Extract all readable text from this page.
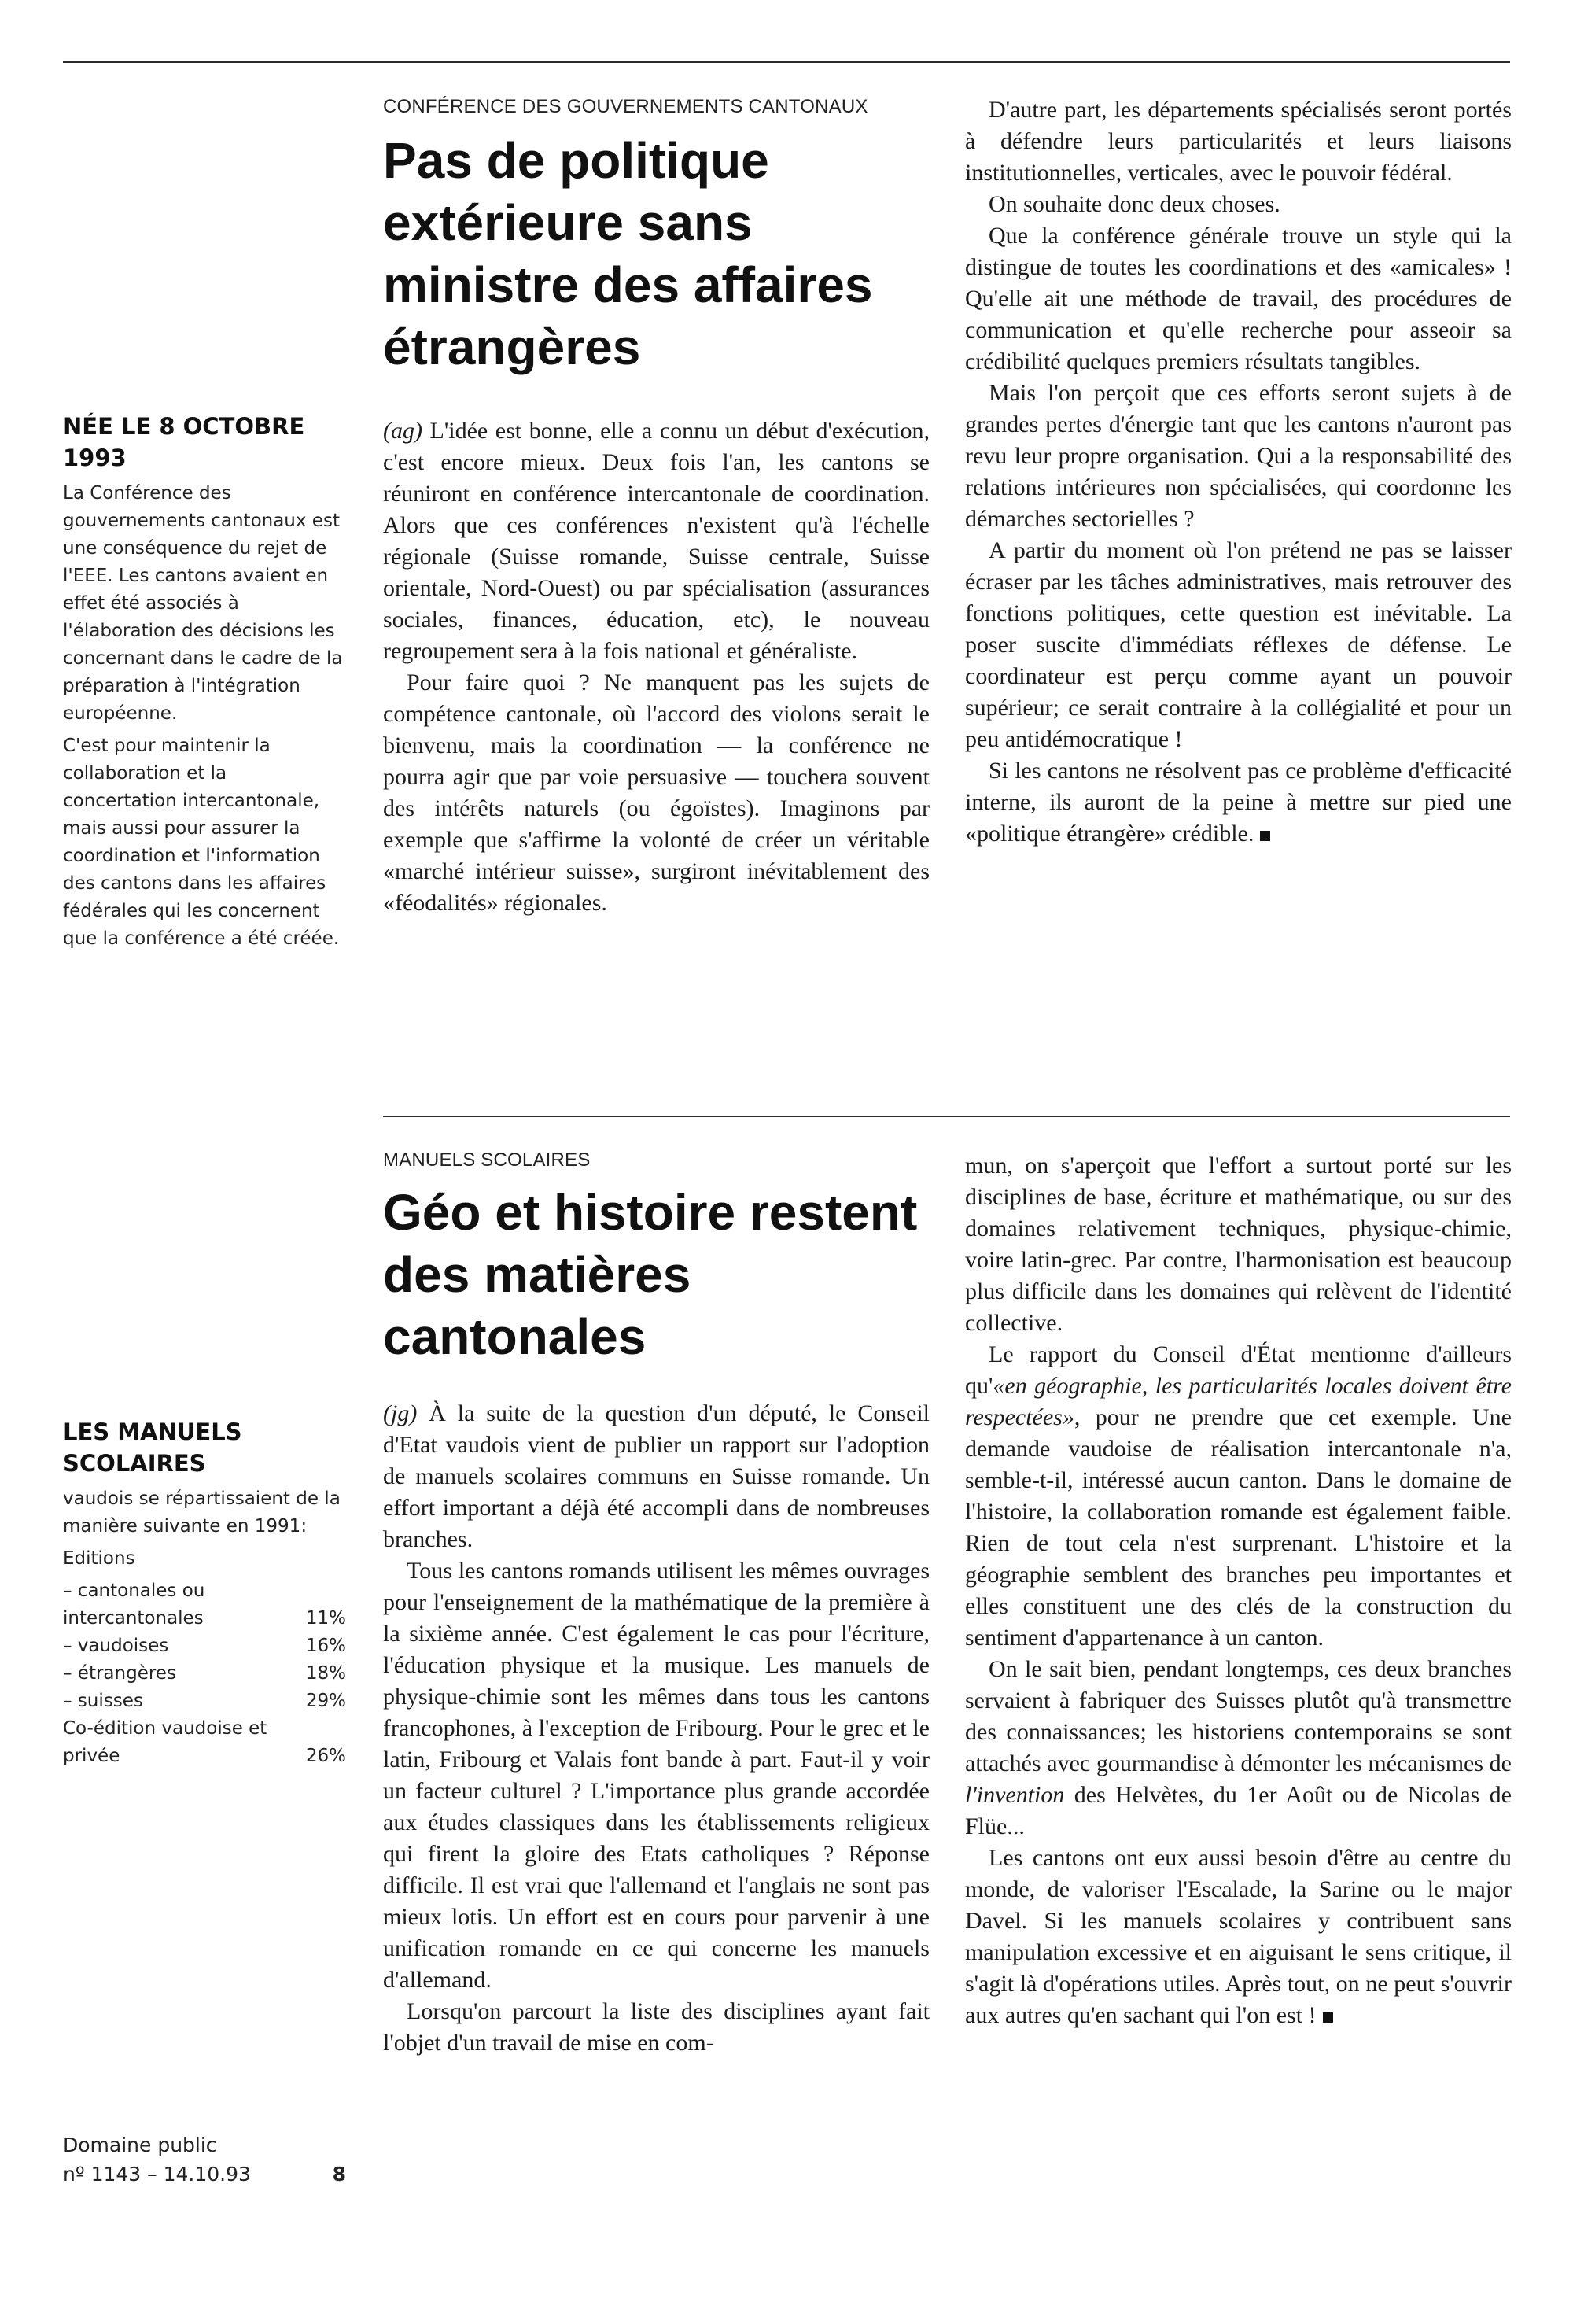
CONFÉRENCE DES GOUVERNEMENTS CANTONAUX
Pas de politique extérieure sans ministre des affaires étrangères
NÉE LE 8 OCTOBRE 1993

La Conférence des gouvernements cantonaux est une conséquence du rejet de l'EEE. Les cantons avaient en effet été associés à l'élaboration des décisions les concernant dans le cadre de la préparation à l'intégration européenne.

C'est pour maintenir la collaboration et la concertation intercantonale, mais aussi pour assurer la coordination et l'information des cantons dans les affaires fédérales qui les concernent que la conférence a été créée.

(ag) L'idée est bonne, elle a connu un début d'exécution, c'est encore mieux. Deux fois l'an, les cantons se réuniront en conférence intercantonale de coordination. Alors que ces conférences n'existent qu'à l'échelle régionale (Suisse romande, Suisse centrale, Suisse orientale, Nord-Ouest) ou par spécialisation (assurances sociales, finances, éducation, etc), le nouveau regroupement sera à la fois national et généraliste.

Pour faire quoi ? Ne manquent pas les sujets de compétence cantonale, où l'accord des violons serait le bienvenu, mais la coordination — la conférence ne pourra agir que par voie persuasive — touchera souvent des intérêts naturels (ou égoïstes). Imaginons par exemple que s'affirme la volonté de créer un véritable «marché intérieur suisse», surgiront inévitablement des «féodalités» régionales.

D'autre part, les départements spécialisés seront portés à défendre leurs particularités et leurs liaisons institutionnelles, verticales, avec le pouvoir fédéral.

On souhaite donc deux choses.

Que la conférence générale trouve un style qui la distingue de toutes les coordinations et des «amicales» ! Qu'elle ait une méthode de travail, des procédures de communication et qu'elle recherche pour asseoir sa crédibilité quelques premiers résultats tangibles.

Mais l'on perçoit que ces efforts seront sujets à de grandes pertes d'énergie tant que les cantons n'auront pas revu leur propre organisation. Qui a la responsabilité des relations intérieures non spécialisées, qui coordonne les démarches sectorielles ?

A partir du moment où l'on prétend ne pas se laisser écraser par les tâches administratives, mais retrouver des fonctions politiques, cette question est inévitable. La poser suscite d'immédiats réflexes de défense. Le coordinateur est perçu comme ayant un pouvoir supérieur; ce serait contraire à la collégialité et pour un peu antidémocratique !

Si les cantons ne résolvent pas ce problème d'efficacité interne, ils auront de la peine à mettre sur pied une «politique étrangère» crédible.

MANUELS SCOLAIRES
Géo et histoire restent des matières cantonales
LES MANUELS SCOLAIRES

vaudois se répartissaient de la manière suivante en 1991:

Editions

– cantonales ou intercantonales	11%
– vaudoises	16%
– étrangères	18%
– suisses	29%
Co-édition vaudoise et privée	26%

(jg) À la suite de la question d'un député, le Conseil d'Etat vaudois vient de publier un rapport sur l'adoption de manuels scolaires communs en Suisse romande. Un effort important a déjà été accompli dans de nombreuses branches.

Tous les cantons romands utilisent les mêmes ouvrages pour l'enseignement de la mathématique de la première à la sixième année. C'est également le cas pour l'écriture, l'éducation physique et la musique. Les manuels de physique-chimie sont les mêmes dans tous les cantons francophones, à l'exception de Fribourg. Pour le grec et le latin, Fribourg et Valais font bande à part. Faut-il y voir un facteur culturel ? L'importance plus grande accordée aux études classiques dans les établissements religieux qui firent la gloire des Etats catholiques ? Réponse difficile. Il est vrai que l'allemand et l'anglais ne sont pas mieux lotis. Un effort est en cours pour parvenir à une unification romande en ce qui concerne les manuels d'allemand.

Lorsqu'on parcourt la liste des disciplines ayant fait l'objet d'un travail de mise en com-

mun, on s'aperçoit que l'effort a surtout porté sur les disciplines de base, écriture et mathématique, ou sur des domaines relativement techniques, physique-chimie, voire latin-grec. Par contre, l'harmonisation est beaucoup plus difficile dans les domaines qui relèvent de l'identité collective.

Le rapport du Conseil d'État mentionne d'ailleurs qu'«en géographie, les particularités locales doivent être respectées», pour ne prendre que cet exemple. Une demande vaudoise de réalisation intercantonale n'a, semble-t-il, intéressé aucun canton. Dans le domaine de l'histoire, la collaboration romande est également faible. Rien de tout cela n'est surprenant. L'histoire et la géographie semblent des branches peu importantes et elles constituent une des clés de la construction du sentiment d'appartenance à un canton.

On le sait bien, pendant longtemps, ces deux branches servaient à fabriquer des Suisses plutôt qu'à transmettre des connaissances; les historiens contemporains se sont attachés avec gourmandise à démonter les mécanismes de l'invention des Helvètes, du 1er Août ou de Nicolas de Flüe...

Les cantons ont eux aussi besoin d'être au centre du monde, de valoriser l'Escalade, la Sarine ou le major Davel. Si les manuels scolaires y contribuent sans manipulation excessive et en aiguisant le sens critique, il s'agit là d'opérations utiles. Après tout, on ne peut s'ouvrir aux autres qu'en sachant qui l'on est !

Domaine public
nº 1143 – 14.10.93	8
